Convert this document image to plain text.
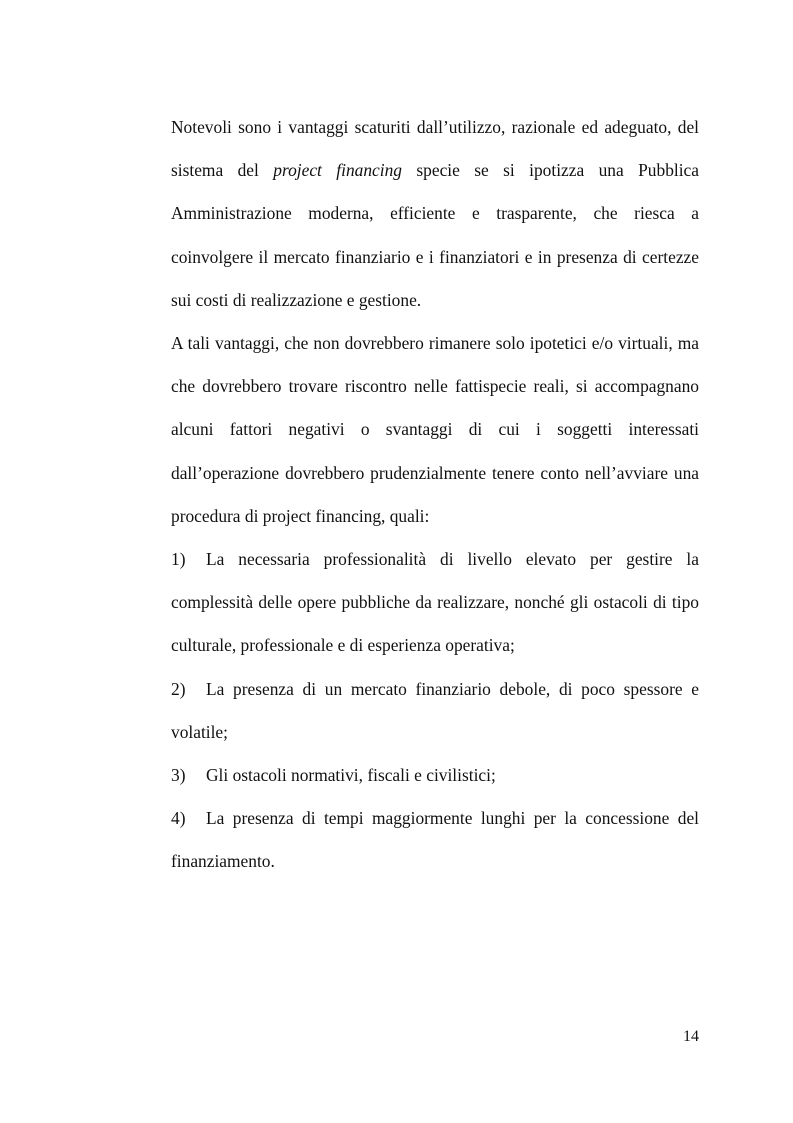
Notevoli sono i vantaggi scaturiti dall’utilizzo, razionale ed adeguato, del sistema del project financing specie se si ipotizza una Pubblica Amministrazione moderna, efficiente e trasparente, che riesca a coinvolgere il mercato finanziario e i finanziatori e in presenza di certezze sui costi di realizzazione e gestione.

A tali vantaggi, che non dovrebbero rimanere solo ipotetici e/o virtuali, ma che dovrebbero trovare riscontro nelle fattispecie reali, si accompagnano alcuni fattori negativi o svantaggi di cui i soggetti interessati dall’operazione dovrebbero prudenzialmente tenere conto nell’avviare una procedura di project financing, quali:

1) La necessaria professionalità di livello elevato per gestire la complessità delle opere pubbliche da realizzare, nonché gli ostacoli di tipo culturale, professionale e di esperienza operativa;

2) La presenza di un mercato finanziario debole, di poco spessore e volatile;

3) Gli ostacoli normativi, fiscali e civilistici;

4) La presenza di tempi maggiormente lunghi per la concessione del finanziamento.

14
